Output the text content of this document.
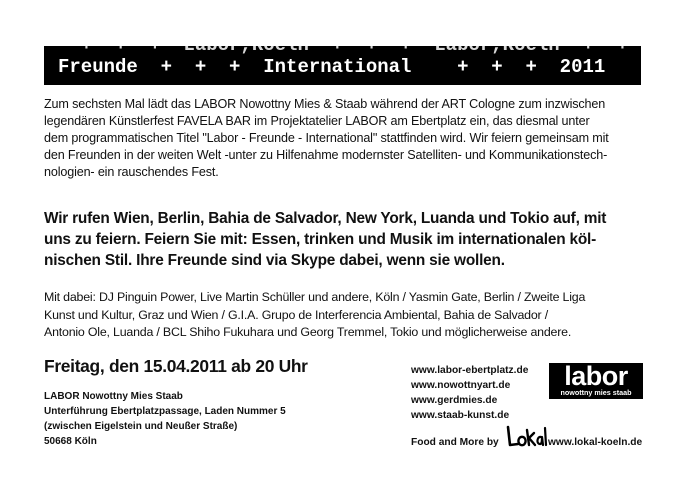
+  +  +  Labor,Koeln  +  +  +  Labor,Koeln  +  +
Freunde  +  +  +  International    +  +  +  2011

Zum sechsten Mal lädt das LABOR Nowottny Mies & Staab während der ART Cologne zum inzwischen
legendären Künstlerfest FAVELA BAR im Projektatelier LABOR am Ebertplatz ein, das diesmal unter
dem programmatischen Titel "Labor - Freunde - International" stattfinden wird. Wir feiern gemeinsam mit
den Freunden in der weiten Welt -unter zu Hilfenahme modernster Satelliten- und Kommunikationstech-
nologien- ein rauschendes Fest.

Wir rufen Wien, Berlin, Bahia de Salvador, New York, Luanda und Tokio auf, mit
uns zu feiern. Feiern Sie mit: Essen, trinken und Musik im internationalen köl-
nischen Stil. Ihre Freunde sind via Skype dabei, wenn sie wollen.

Mit dabei: DJ Pinguin Power, Live Martin Schüller und andere, Köln / Yasmin Gate, Berlin / Zweite Liga
Kunst und Kultur, Graz und Wien / G.I.A. Grupo de Interferencia Ambiental, Bahia de Salvador /
Antonio Ole, Luanda / BCL Shiho Fukuhara und Georg Tremmel, Tokio und möglicherweise andere.

Freitag, den 15.04.2011 ab 20 Uhr

LABOR Nowottny Mies Staab
Unterführung Ebertplatzpassage, Laden Nummer 5
(zwischen Eigelstein und Neußer Straße)
50668 Köln
www.labor-ebertplatz.de
www.nowottnyart.de
www.gerdmies.de
www.staab-kunst.de
labor
nowottny mies staab
Food and More by	www.lokal-koeln.de
